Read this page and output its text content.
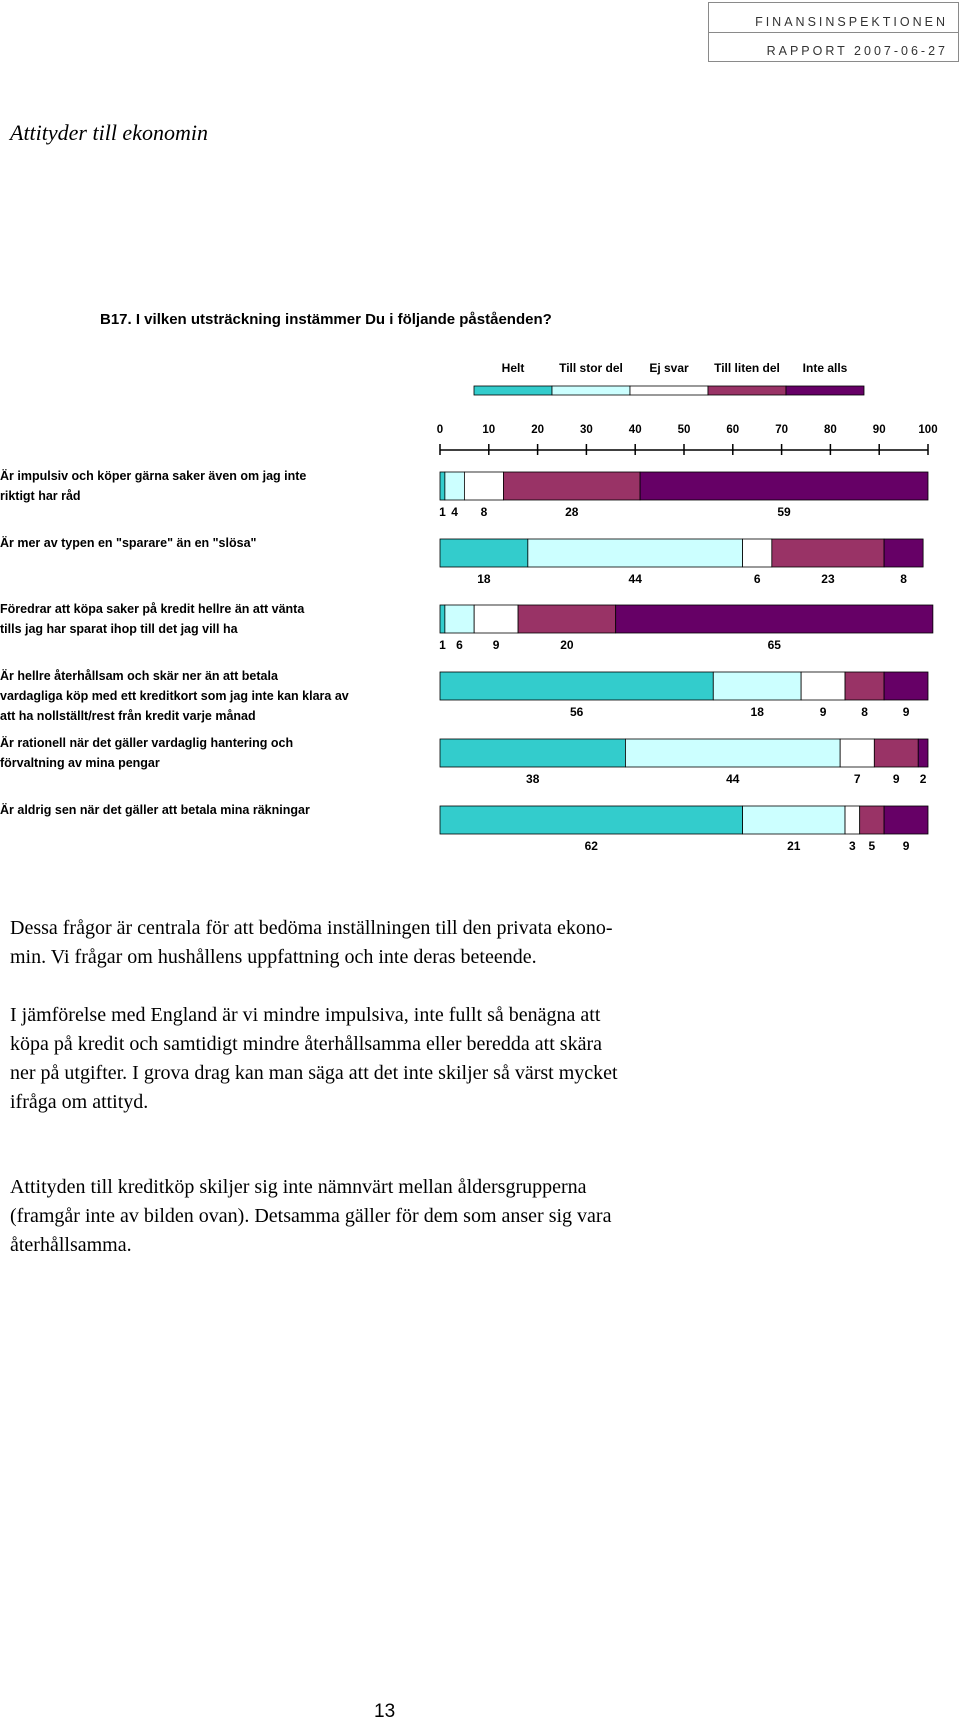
FINANSINSPEKTIONEN
RAPPORT 2007-06-27
Attityder till ekonomin
B17. I vilken utsträckning instämmer Du i följande påståenden?
Helt	Till stor del Ej svar Till liten del Inte alls
0	10	20	30	40	50	60	70	80	90	100
Är impulsiv och köper gärna saker även om jag inte
riktigt har råd
1 4 8	28	59
Är mer av typen en "sparare" än en "slösa"
18	44	6	23	8
Föredrar att köpa saker på kredit hellre än att vänta
tills jag har sparat ihop till det jag vill ha
1 6 9	20	65
Är hellre återhållsam och skär ner än att betala
vardagliga köp med ett kreditkort som jag inte kan klara av
att ha nollställt/rest från kredit varje månad	56	18	9	8	9
Är rationell när det gäller vardaglig hantering och
förvaltning av mina pengar
38	44	7	9 2
Är aldrig sen när det gäller att betala mina räkningar
62	21	3 5 9

Dessa frågor är centrala för att bedöma inställningen till den privata ekono-
min. Vi frågar om hushållens uppfattning och inte deras beteende.

I jämförelse med England är vi mindre impulsiva, inte fullt så benägna att
köpa på kredit och samtidigt mindre återhållsamma eller beredda att skära
ner på utgifter. I grova drag kan man säga att det inte skiljer så värst mycket
ifråga om attityd.

Attityden till kreditköp skiljer sig inte nämnvärt mellan åldersgrupperna
(framgår inte av bilden ovan). Detsamma gäller för dem som anser sig vara
återhållsamma.

13
